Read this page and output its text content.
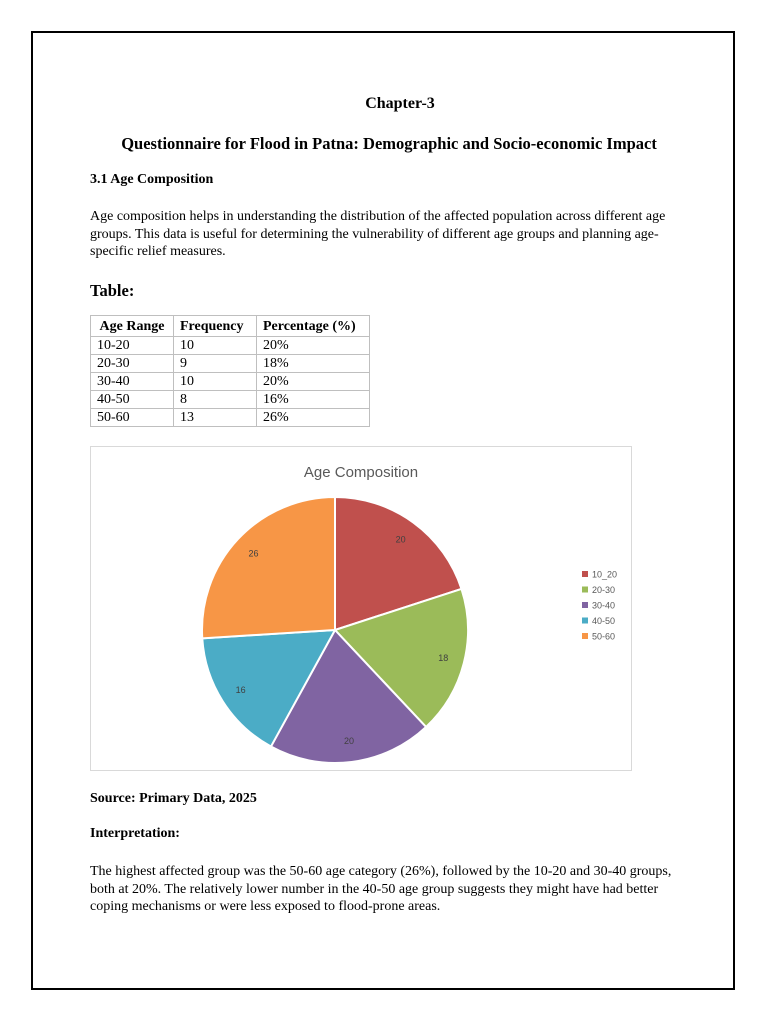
Chapter-3
Questionnaire for Flood in Patna: Demographic and Socio-economic Impact
3.1 Age Composition
Age composition helps in understanding the distribution of the affected population across different age groups. This data is useful for determining the vulnerability of different age groups and planning age-specific relief measures.
Table:
Age Range	Frequency	Percentage (%)
10-20	10	20%
20-30	9	18%
30-40	10	20%
40-50	8	16%
50-60	13	26%
Age Composition
20
18
20
16
26
10_20
20-30
30-40
40-50
50-60
Source: Primary Data, 2025
Interpretation:
The highest affected group was the 50-60 age category (26%), followed by the 10-20 and 30-40 groups, both at 20%. The relatively lower number in the 40-50 age group suggests they might have had better coping mechanisms or were less exposed to flood-prone areas.
